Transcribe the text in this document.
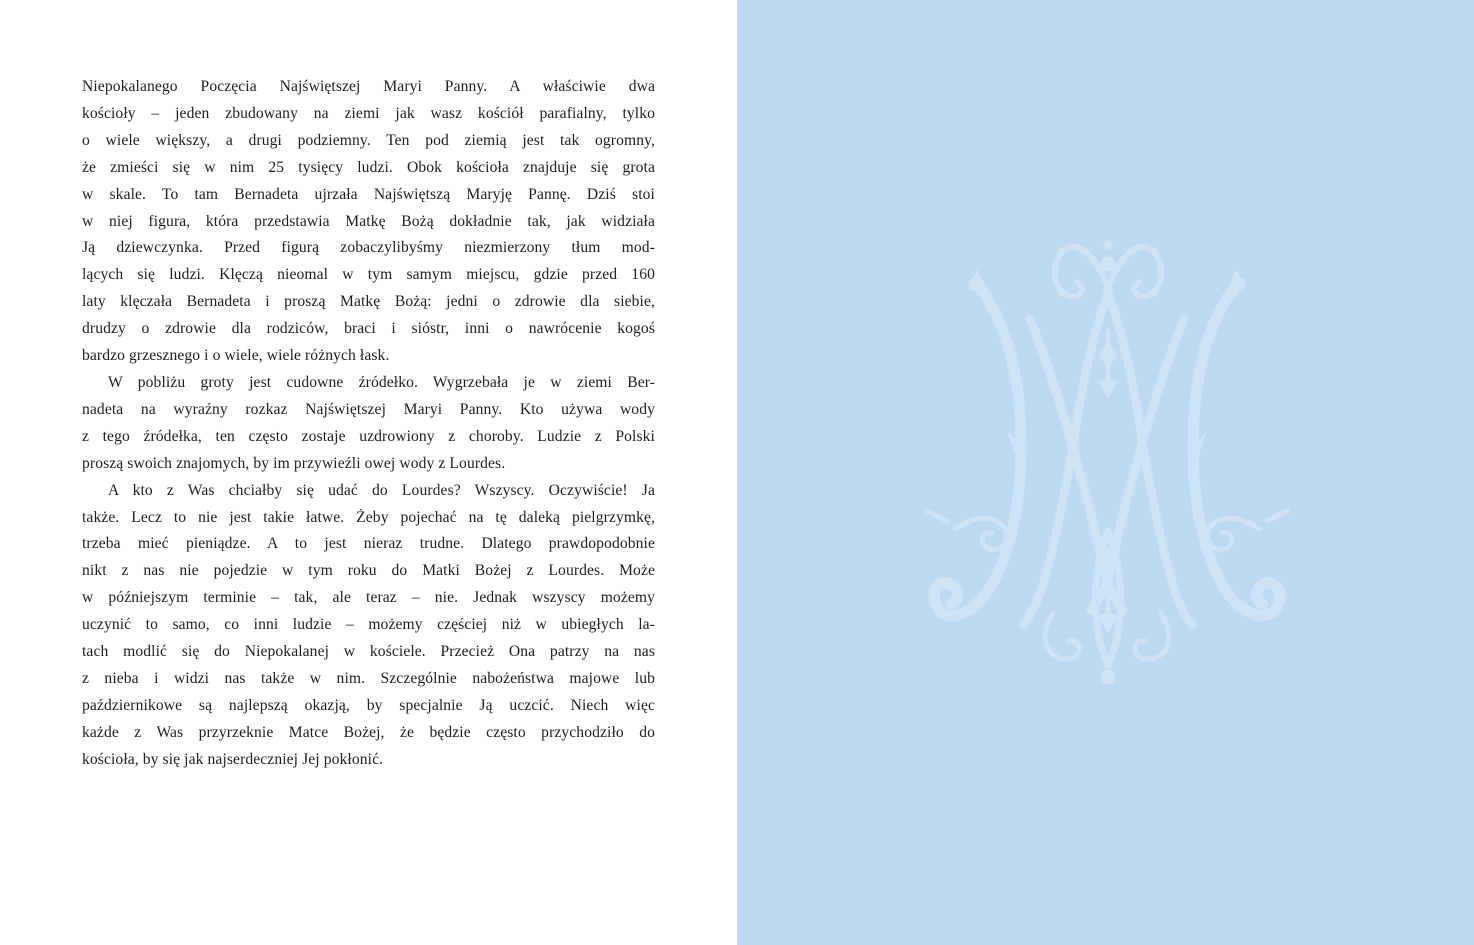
Niepokalanego Poczęcia Najświętszej Maryi Panny. A właściwie dwa
kościoły – jeden zbudowany na ziemi jak wasz kościół parafialny, tylko
o wiele większy, a drugi podziemny. Ten pod ziemią jest tak ogromny,
że zmieści się w nim 25 tysięcy ludzi. Obok kościoła znajduje się grota
w skale. To tam Bernadeta ujrzała Najświętszą Maryję Pannę. Dziś stoi
w niej figura, która przedstawia Matkę Bożą dokładnie tak, jak widziała
Ją dziewczynka. Przed figurą zobaczylibyśmy niezmierzony tłum mod-
lących się ludzi. Klęczą nieomal w tym samym miejscu, gdzie przed 160
laty klęczała Bernadeta i proszą Matkę Bożą: jedni o zdrowie dla siebie,
drudzy o zdrowie dla rodziców, braci i sióstr, inni o nawrócenie kogoś
bardzo grzesznego i o wiele, wiele różnych łask.

W pobliżu groty jest cudowne źródełko. Wygrzebała je w ziemi Ber-
nadeta na wyraźny rozkaz Najświętszej Maryi Panny. Kto używa wody
z tego źródełka, ten często zostaje uzdrowiony z choroby. Ludzie z Polski
proszą swoich znajomych, by im przywieźli owej wody z Lourdes.

A kto z Was chciałby się udać do Lourdes? Wszyscy. Oczywiście! Ja
także. Lecz to nie jest takie łatwe. Żeby pojechać na tę daleką pielgrzymkę,
trzeba mieć pieniądze. A to jest nieraz trudne. Dlatego prawdopodobnie
nikt z nas nie pojedzie w tym roku do Matki Bożej z Lourdes. Może
w późniejszym terminie – tak, ale teraz – nie. Jednak wszyscy możemy
uczynić to samo, co inni ludzie – możemy częściej niż w ubiegłych la-
tach modlić się do Niepokalanej w kościele. Przecież Ona patrzy na nas
z nieba i widzi nas także w nim. Szczególnie nabożeństwa majowe lub
październikowe są najlepszą okazją, by specjalnie Ją uczcić. Niech więc
każde z Was przyrzeknie Matce Bożej, że będzie często przychodziło do
kościoła, by się jak najserdeczniej Jej pokłonić.
